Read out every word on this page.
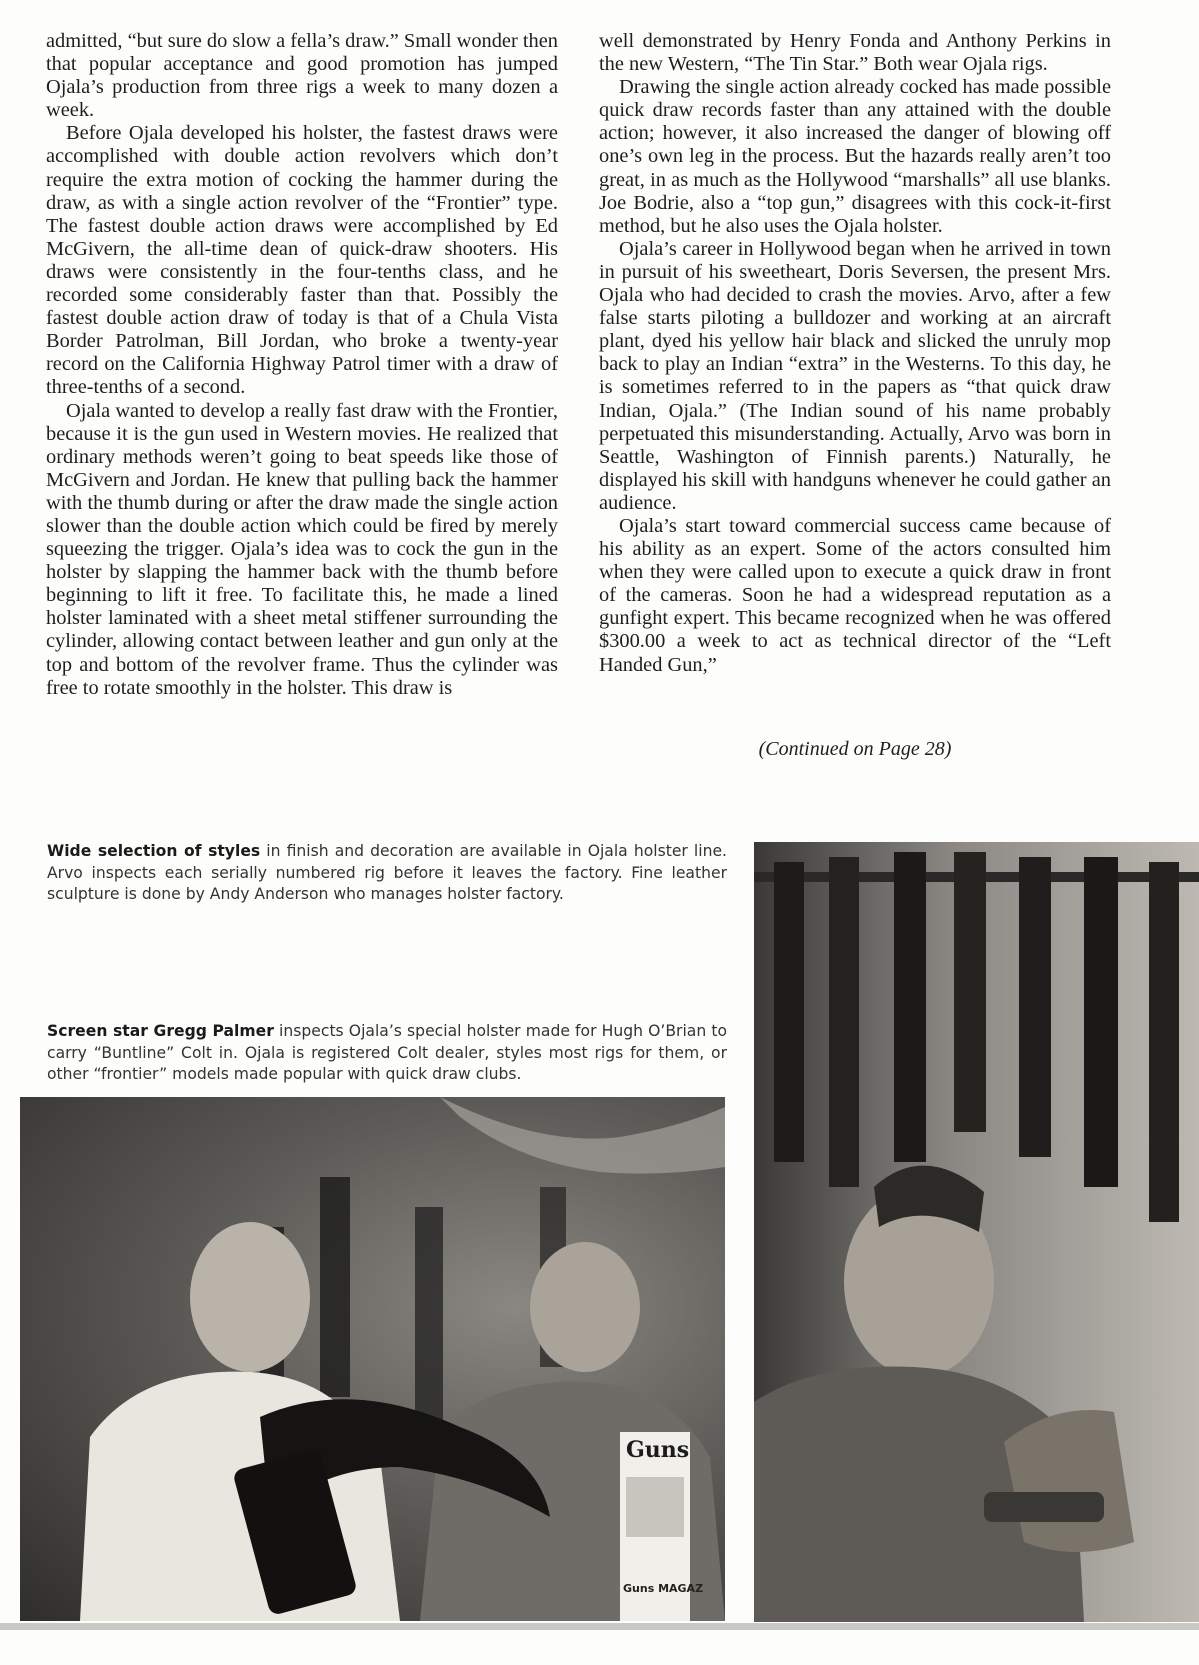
admitted, “but sure do slow a fella’s draw.” Small wonder then that popular acceptance and good promotion has jumped Ojala’s production from three rigs a week to many dozen a week.

Before Ojala developed his holster, the fastest draws were accomplished with double action revolvers which don’t require the extra motion of cocking the hammer during the draw, as with a single action revolver of the “Frontier” type. The fastest double action draws were accomplished by Ed McGivern, the all-time dean of quick-draw shooters. His draws were consistently in the four-tenths class, and he recorded some considerably faster than that. Possibly the fastest double action draw of today is that of a Chula Vista Border Patrolman, Bill Jordan, who broke a twenty-year record on the California Highway Patrol timer with a draw of three-tenths of a second.

Ojala wanted to develop a really fast draw with the Frontier, because it is the gun used in Western movies. He realized that ordinary methods weren’t going to beat speeds like those of McGivern and Jordan. He knew that pulling back the hammer with the thumb during or after the draw made the single action slower than the double action which could be fired by merely squeezing the trigger. Ojala’s idea was to cock the gun in the holster by slapping the hammer back with the thumb before beginning to lift it free. To facilitate this, he made a lined holster laminated with a sheet metal stiffener surrounding the cylinder, allowing contact between leather and gun only at the top and bottom of the revolver frame. Thus the cylinder was free to rotate smoothly in the holster. This draw is

well demonstrated by Henry Fonda and Anthony Perkins in the new Western, “The Tin Star.” Both wear Ojala rigs.

Drawing the single action already cocked has made possible quick draw records faster than any attained with the double action; however, it also increased the danger of blowing off one’s own leg in the process. But the hazards really aren’t too great, in as much as the Hollywood “marshalls” all use blanks. Joe Bodrie, also a “top gun,” disagrees with this cock-it-first method, but he also uses the Ojala holster.

Ojala’s career in Hollywood began when he arrived in town in pursuit of his sweetheart, Doris Seversen, the present Mrs. Ojala who had decided to crash the movies. Arvo, after a few false starts piloting a bulldozer and working at an aircraft plant, dyed his yellow hair black and slicked the unruly mop back to play an Indian “extra” in the Westerns. To this day, he is sometimes referred to in the papers as “that quick draw Indian, Ojala.” (The Indian sound of his name probably perpetuated this misunderstanding. Actually, Arvo was born in Seattle, Washington of Finnish parents.) Naturally, he displayed his skill with handguns whenever he could gather an audience.

Ojala’s start toward commercial success came because of his ability as an expert. Some of the actors consulted him when they were called upon to execute a quick draw in front of the cameras. Soon he had a widespread reputation as a gunfight expert. This became recognized when he was offered $300.00 a week to act as technical director of the “Left Handed Gun,”

(Continued on Page 28)
Wide selection of styles in finish and decoration are available in Ojala holster line. Arvo inspects each serially numbered rig before it leaves the factory. Fine leather sculpture is done by Andy Anderson who manages holster factory.
Screen star Gregg Palmer inspects Ojala’s special holster made for Hugh O’Brian to carry “Buntline” Colt in. Ojala is registered Colt dealer, styles most rigs for them, or other “frontier” models made popular with quick draw clubs.
Guns
Guns MAGAZ
